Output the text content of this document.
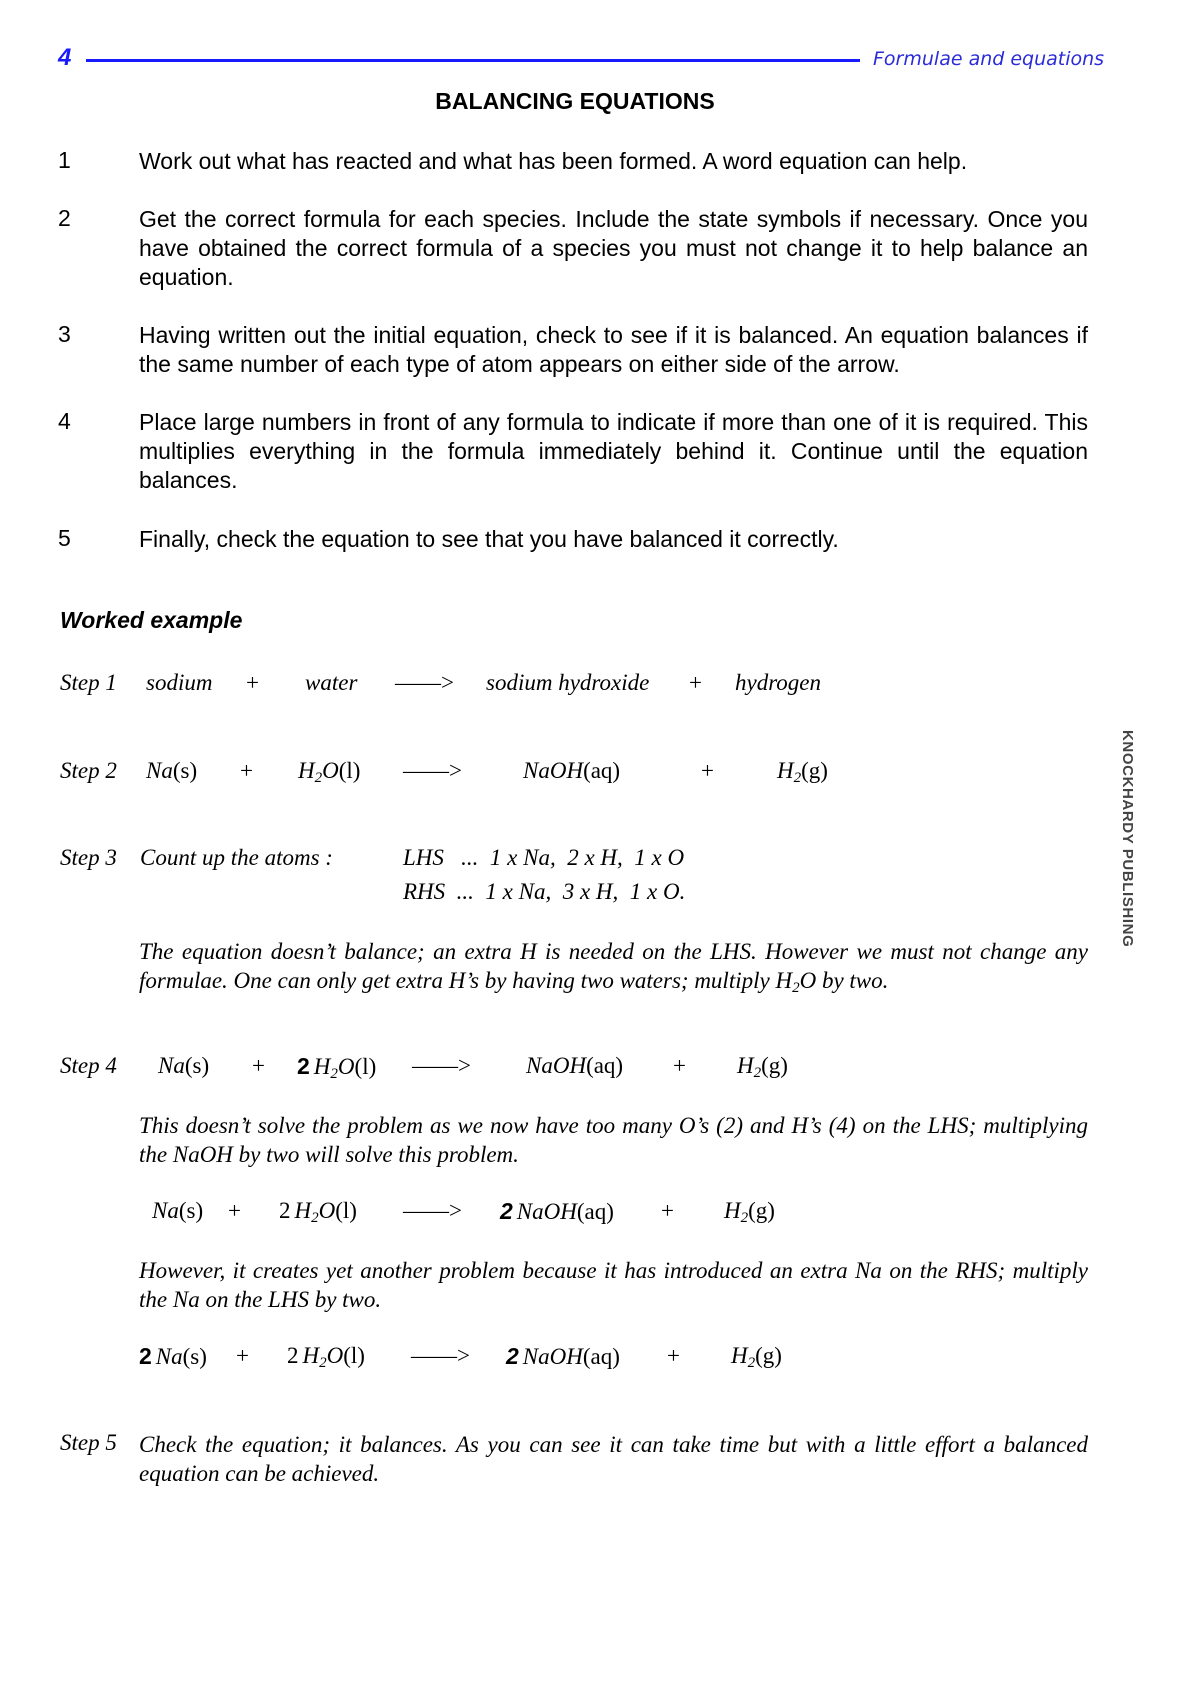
4	Formulae and equations
BALANCING EQUATIONS
1	Work out what has reacted and what has been formed. A word equation can help.
2	Get the correct formula for each species. Include the state symbols if necessary. Once you have obtained the correct formula of a species you must not change it to help balance an equation.
3	Having written out the initial equation, check to see if it is balanced. An equation balances if the same number of each type of atom appears on either side of the arrow.
4	Place large numbers in front of any formula to indicate if more than one of it is required. This multiplies everything in the formula immediately behind it. Continue until the equation balances.
5	Finally, check the equation to see that you have balanced it correctly.
Worked example
Step 1 sodium + water ——> sodium hydroxide + hydrogen
Step 2 $Na(s) + H_2O(l)$ ——>	NaOH(aq)	+	$H_2(g)$
Step 3 Count up the atoms :	LHS   ...  1 x Na,  2 x H,  1 x O
RHS  ...  1 x Na,  3 x H,  1 x O.
The equation doesn’t balance; an extra H is needed on the LHS. However we must not change any formulae. One can only get extra H’s by having two waters; multiply $H_2O$ by two.
Step 4 Na(s) + 2 $H_2O(l)$ ——> NaOH(aq) + $H_2(g)$
This doesn’t solve the problem as we now have too many O’s (2) and H’s (4) on the LHS; multiplying the NaOH by two will solve this problem.
Na(s) + 2 $H_2O(l)$ ——> 2 NaOH(aq) + $H_2(g)$
However, it creates yet another problem because it has introduced an extra Na on the RHS; multiply the Na on the LHS by two.
2 Na(s) + 2 $H_2O(l)$ ——> 2 NaOH(aq) + $H_2(g)$
Step 5 Check the equation; it balances. As you can see it can take time but with a little effort a balanced equation can be achieved.
KNOCKHARDY PUBLISHING
